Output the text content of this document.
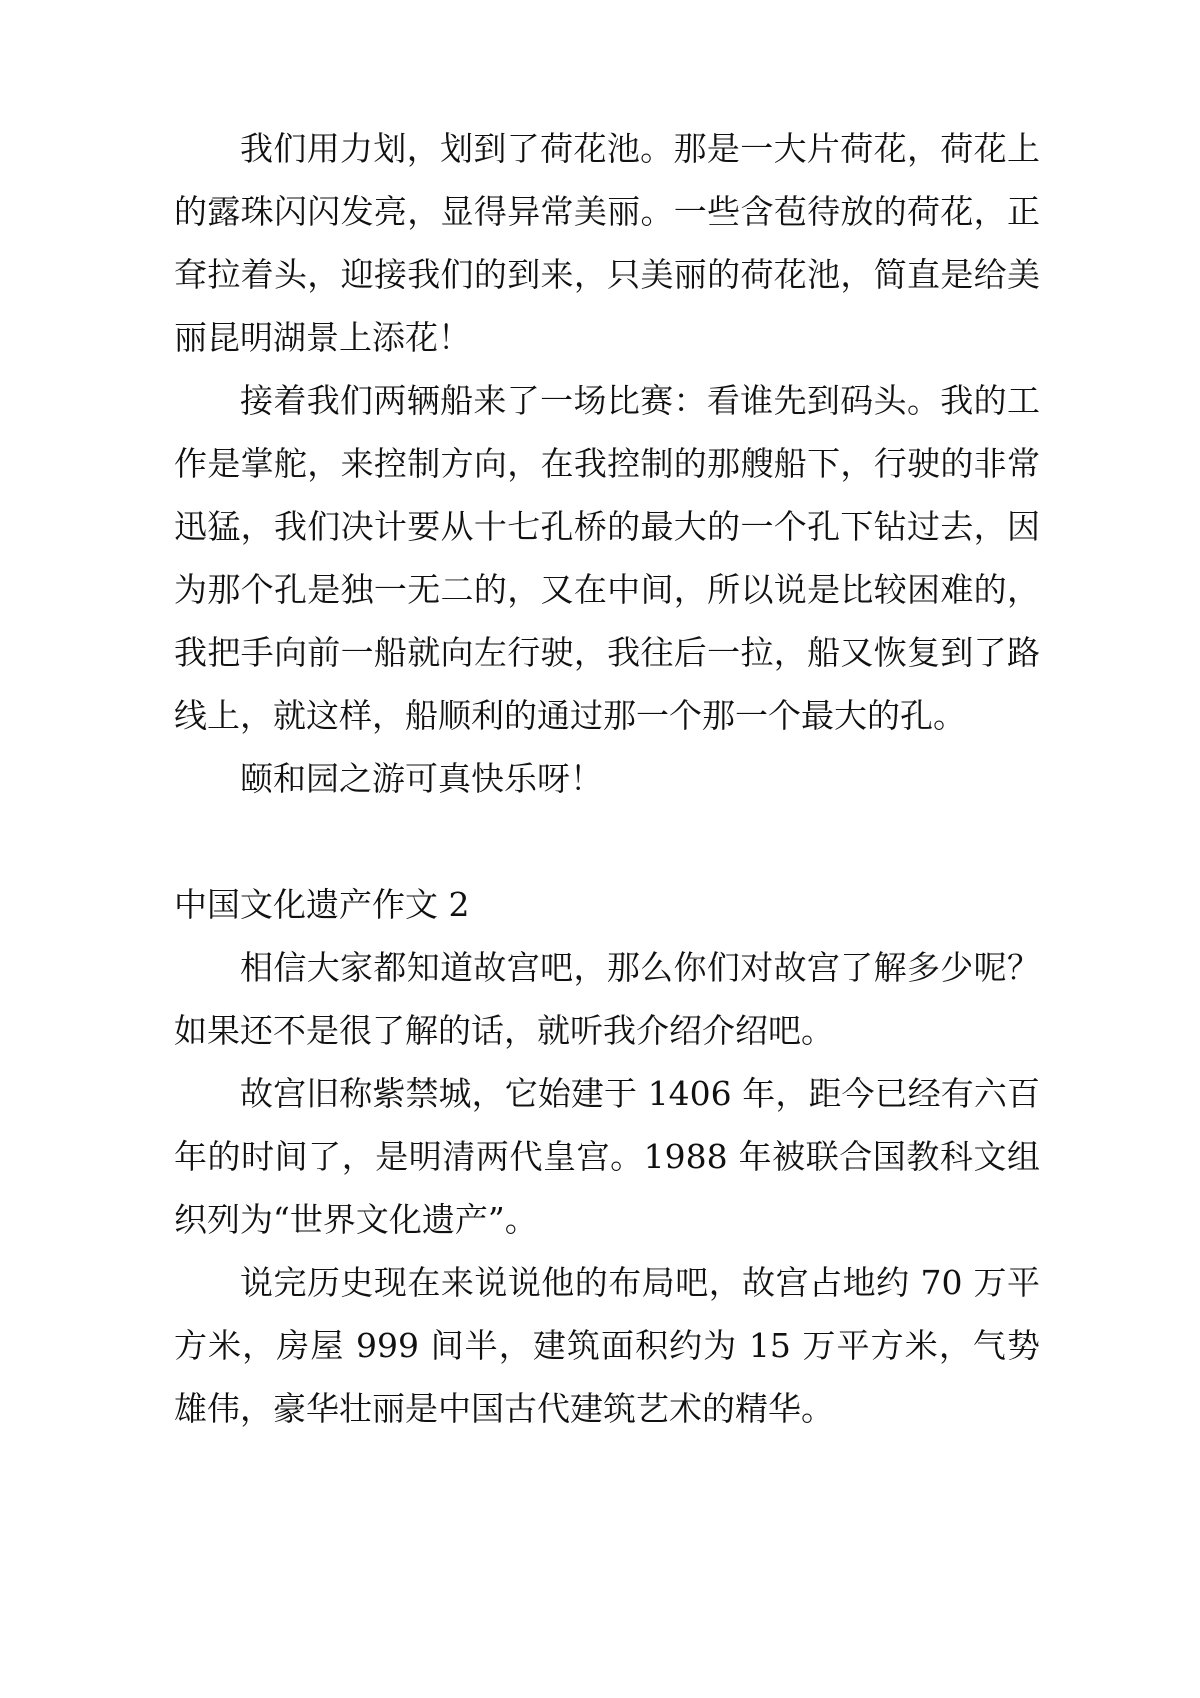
我们用力划，划到了荷花池。那是一大片荷花，荷花上的露珠闪闪发亮，显得异常美丽。一些含苞待放的荷花，正耷拉着头，迎接我们的到来，只美丽的荷花池，简直是给美丽昆明湖景上添花！

接着我们两辆船来了一场比赛：看谁先到码头。我的工作是掌舵，来控制方向，在我控制的那艘船下，行驶的非常迅猛，我们决计要从十七孔桥的最大的一个孔下钻过去，因为那个孔是独一无二的，又在中间，所以说是比较困难的，我把手向前一船就向左行驶，我往后一拉，船又恢复到了路线上，就这样，船顺利的通过那一个那一个最大的孔。

颐和园之游可真快乐呀！

中国文化遗产作文 2

相信大家都知道故宫吧，那么你们对故宫了解多少呢？如果还不是很了解的话，就听我介绍介绍吧。

故宫旧称紫禁城，它始建于 1406 年，距今已经有六百年的时间了，是明清两代皇宫。1988 年被联合国教科文组织列为“世界文化遗产”。

说完历史现在来说说他的布局吧，故宫占地约 70 万平方米，房屋 999 间半，建筑面积约为 15 万平方米，气势雄伟，豪华壮丽是中国古代建筑艺术的精华。
